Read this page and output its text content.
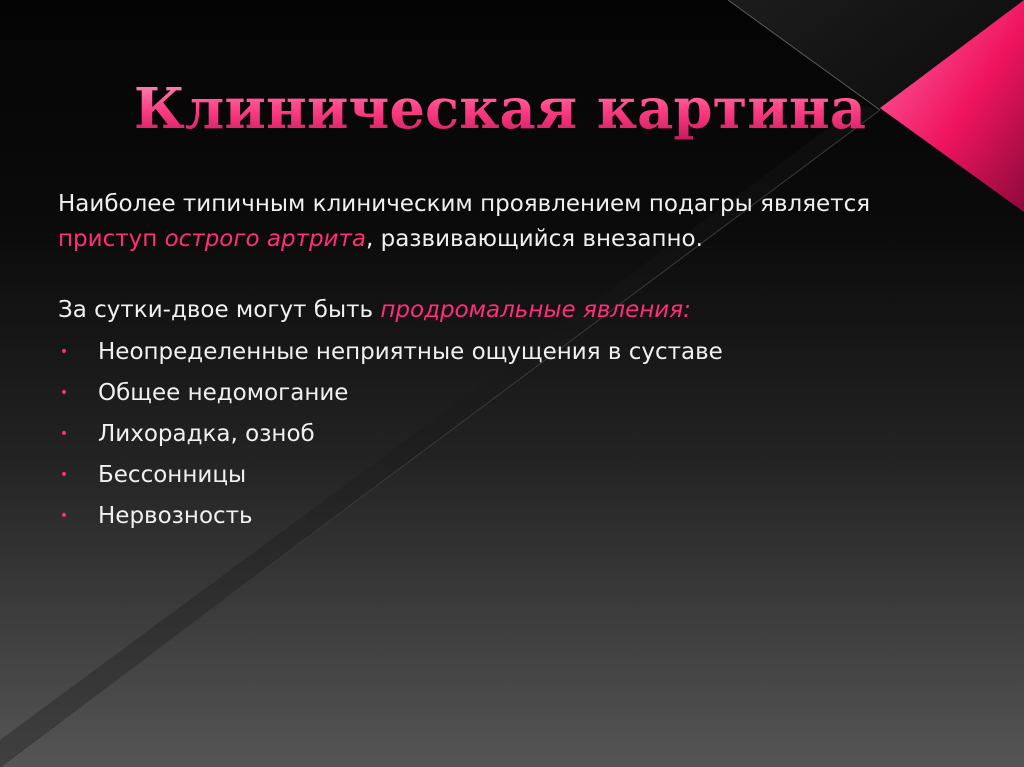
Клиническая картина

Наиболее типичным клиническим проявлением подагры является приступ острого артрита, развивающийся внезапно.

За сутки-двое могут быть продромальные явления:

• Неопределенные неприятные ощущения в суставе
• Общее недомогание
• Лихорадка, озноб
• Бессонницы
• Нервозность
